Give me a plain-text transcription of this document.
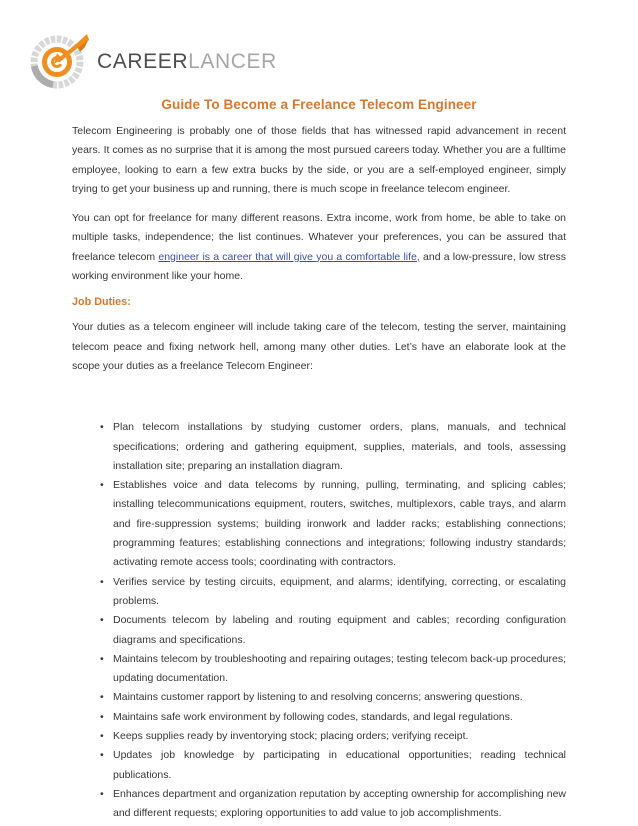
CAREERLANCER
Guide To Become a Freelance Telecom Engineer

Telecom Engineering is probably one of those fields that has witnessed rapid advancement in recent years. It comes as no surprise that it is among the most pursued careers today. Whether you are a fulltime employee, looking to earn a few extra bucks by the side, or you are a self-employed engineer, simply trying to get your business up and running, there is much scope in freelance telecom engineer.

You can opt for freelance for many different reasons. Extra income, work from home, be able to take on multiple tasks, independence; the list continues. Whatever your preferences, you can be assured that freelance telecom engineer is a career that will give you a comfortable life, and a low-pressure, low stress working environment like your home.

Job Duties:

Your duties as a telecom engineer will include taking care of the telecom, testing the server, maintaining telecom peace and fixing network hell, among many other duties. Let’s have an elaborate look at the scope your duties as a freelance Telecom Engineer:

• Plan telecom installations by studying customer orders, plans, manuals, and technical specifications; ordering and gathering equipment, supplies, materials, and tools, assessing installation site; preparing an installation diagram.
• Establishes voice and data telecoms by running, pulling, terminating, and splicing cables; installing telecommunications equipment, routers, switches, multiplexors, cable trays, and alarm and fire-suppression systems; building ironwork and ladder racks; establishing connections; programming features; establishing connections and integrations; following industry standards; activating remote access tools; coordinating with contractors.
• Verifies service by testing circuits, equipment, and alarms; identifying, correcting, or escalating problems.
• Documents telecom by labeling and routing equipment and cables; recording configuration diagrams and specifications.
• Maintains telecom by troubleshooting and repairing outages; testing telecom back-up procedures; updating documentation.
• Maintains customer rapport by listening to and resolving concerns; answering questions.
• Maintains safe work environment by following codes, standards, and legal regulations.
• Keeps supplies ready by inventorying stock; placing orders; verifying receipt.
• Updates job knowledge by participating in educational opportunities; reading technical publications.
• Enhances department and organization reputation by accepting ownership for accomplishing new and different requests; exploring opportunities to add value to job accomplishments.
